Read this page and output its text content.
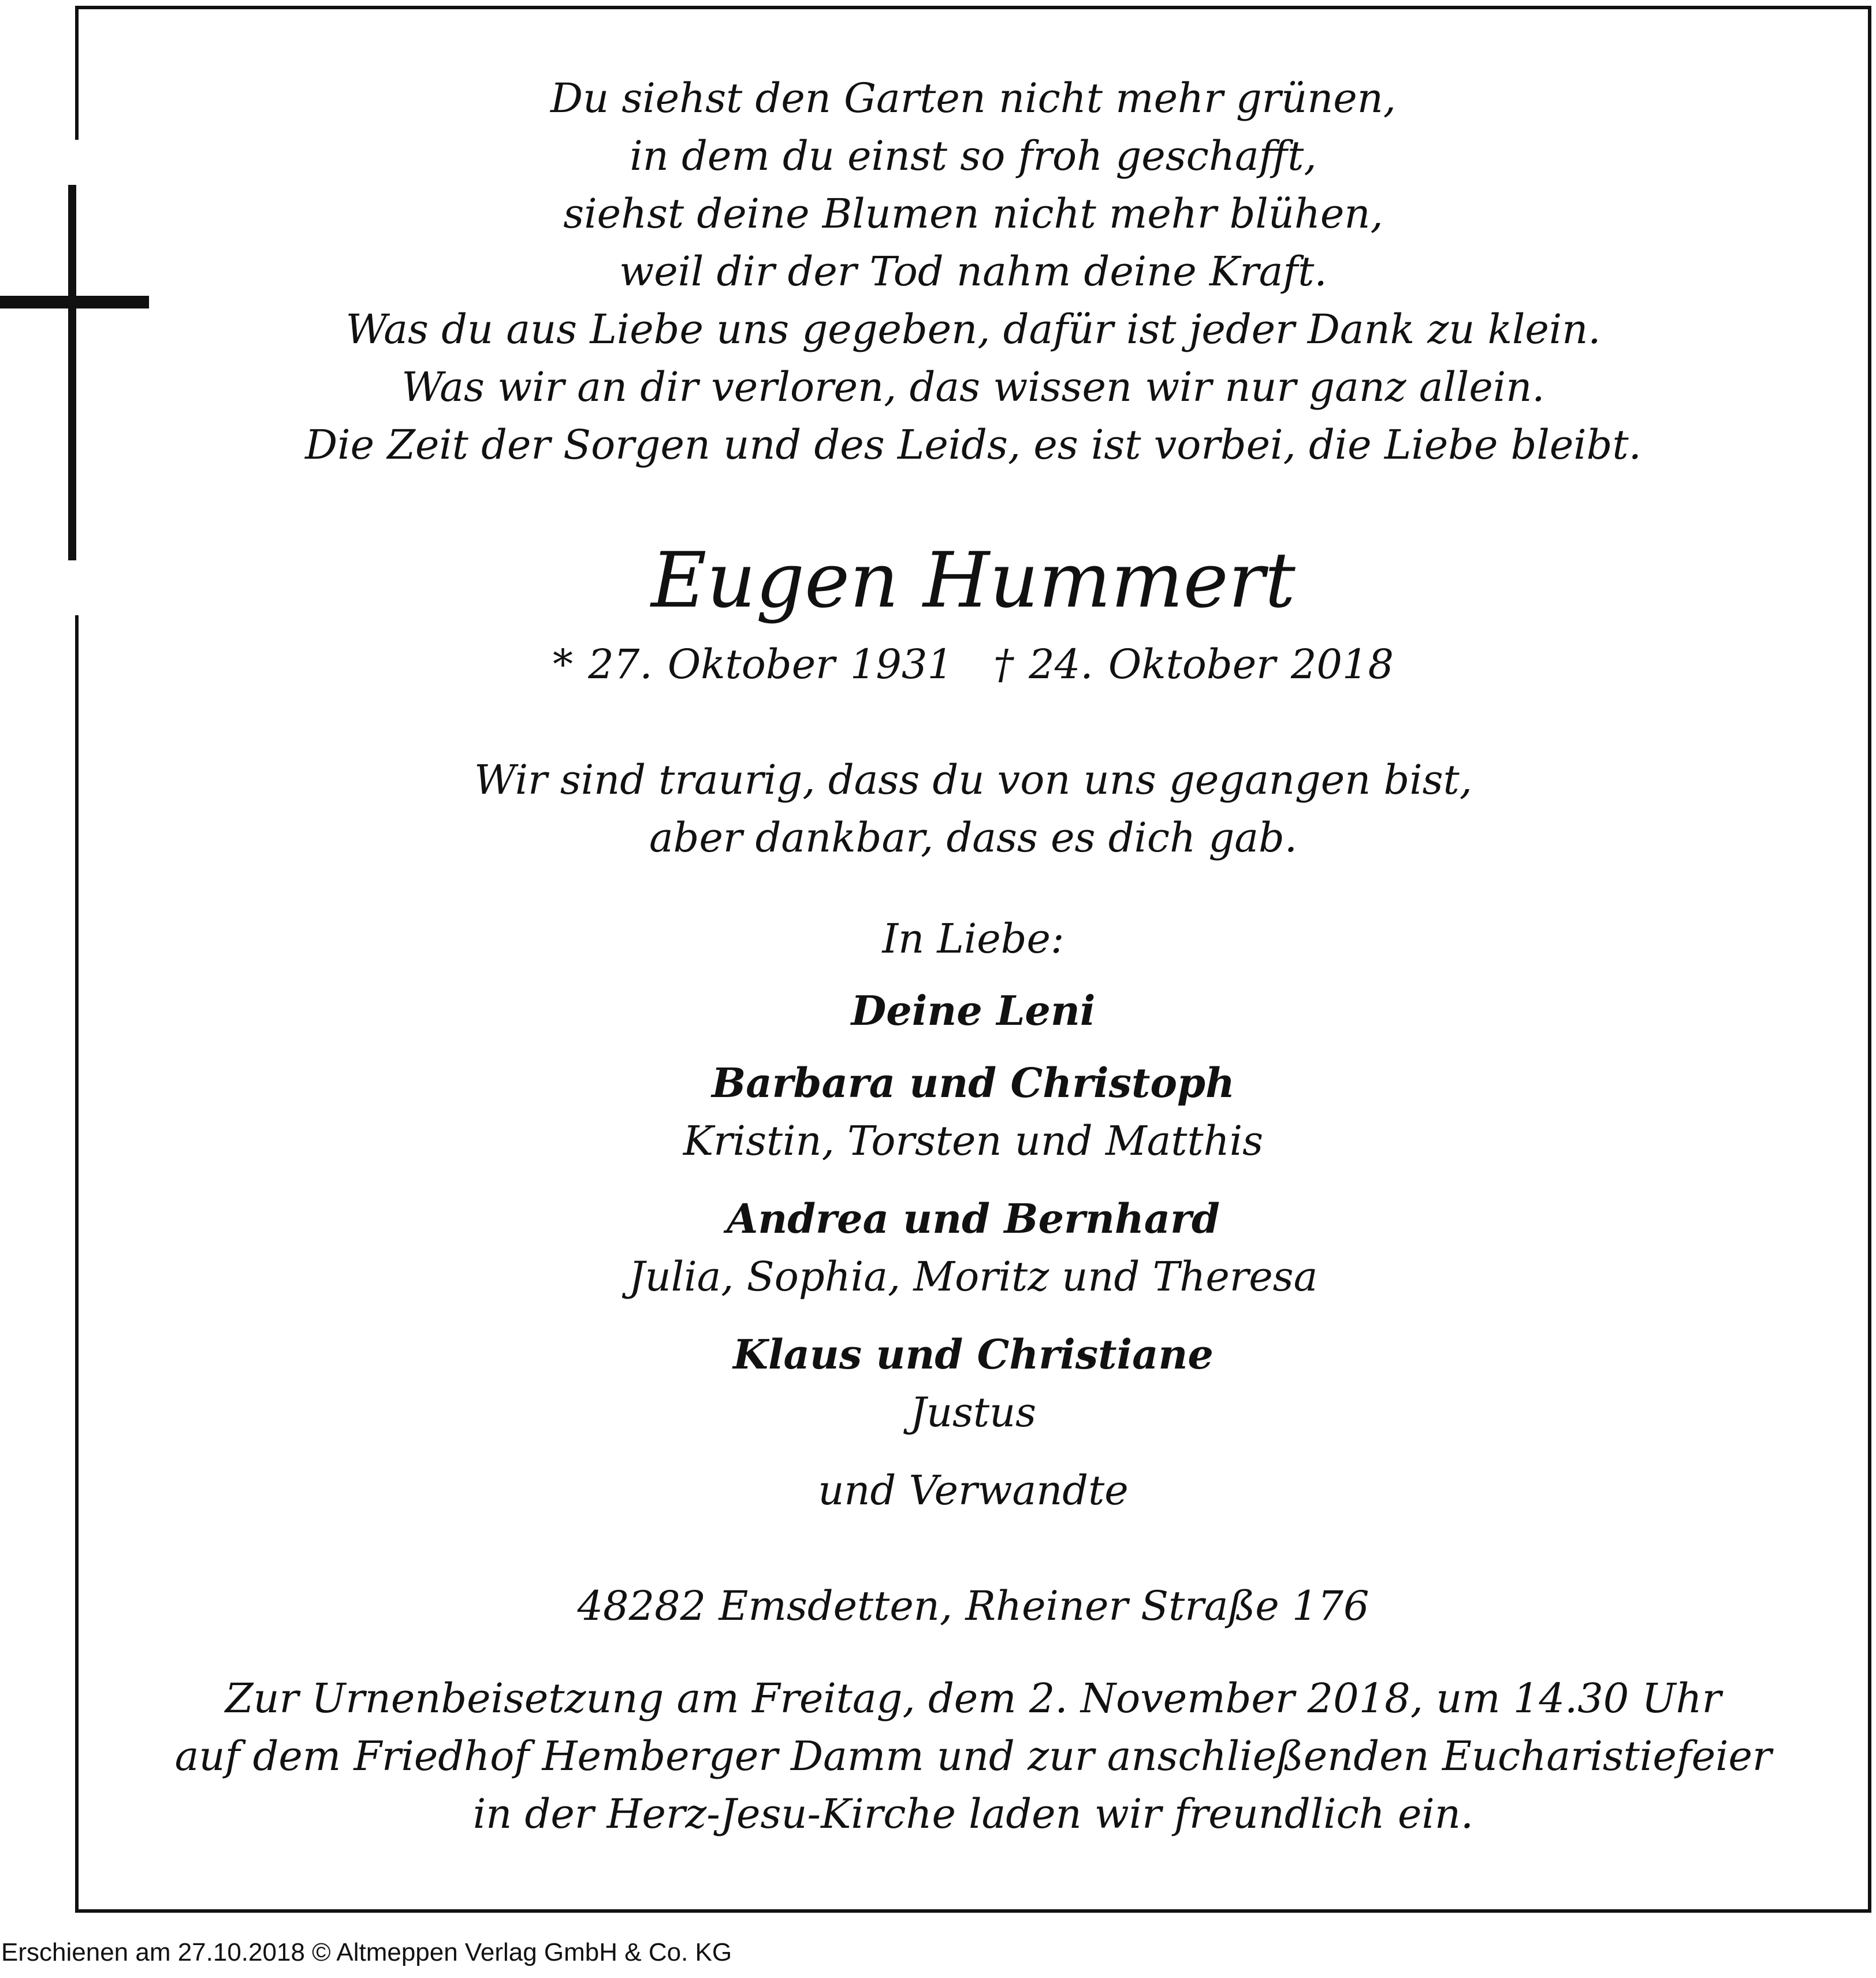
Du siehst den Garten nicht mehr grünen,
in dem du einst so froh geschafft,
siehst deine Blumen nicht mehr blühen,
weil dir der Tod nahm deine Kraft.
Was du aus Liebe uns gegeben, dafür ist jeder Dank zu klein.
Was wir an dir verloren, das wissen wir nur ganz allein.
Die Zeit der Sorgen und des Leids, es ist vorbei, die Liebe bleibt.
Eugen Hummert
* 27. Oktober 1931 † 24. Oktober 2018
Wir sind traurig, dass du von uns gegangen bist,
aber dankbar, dass es dich gab.
In Liebe:
Deine Leni
Barbara und Christoph
Kristin, Torsten und Matthis
Andrea und Bernhard
Julia, Sophia, Moritz und Theresa
Klaus und Christiane
Justus
und Verwandte
48282 Emsdetten, Rheiner Straße 176
Zur Urnenbeisetzung am Freitag, dem 2. November 2018, um 14.30 Uhr
auf dem Friedhof Hemberger Damm und zur anschließenden Eucharistiefeier
in der Herz-Jesu-Kirche laden wir freundlich ein.
Erschienen am 27.10.2018 © Altmeppen Verlag GmbH & Co. KG
